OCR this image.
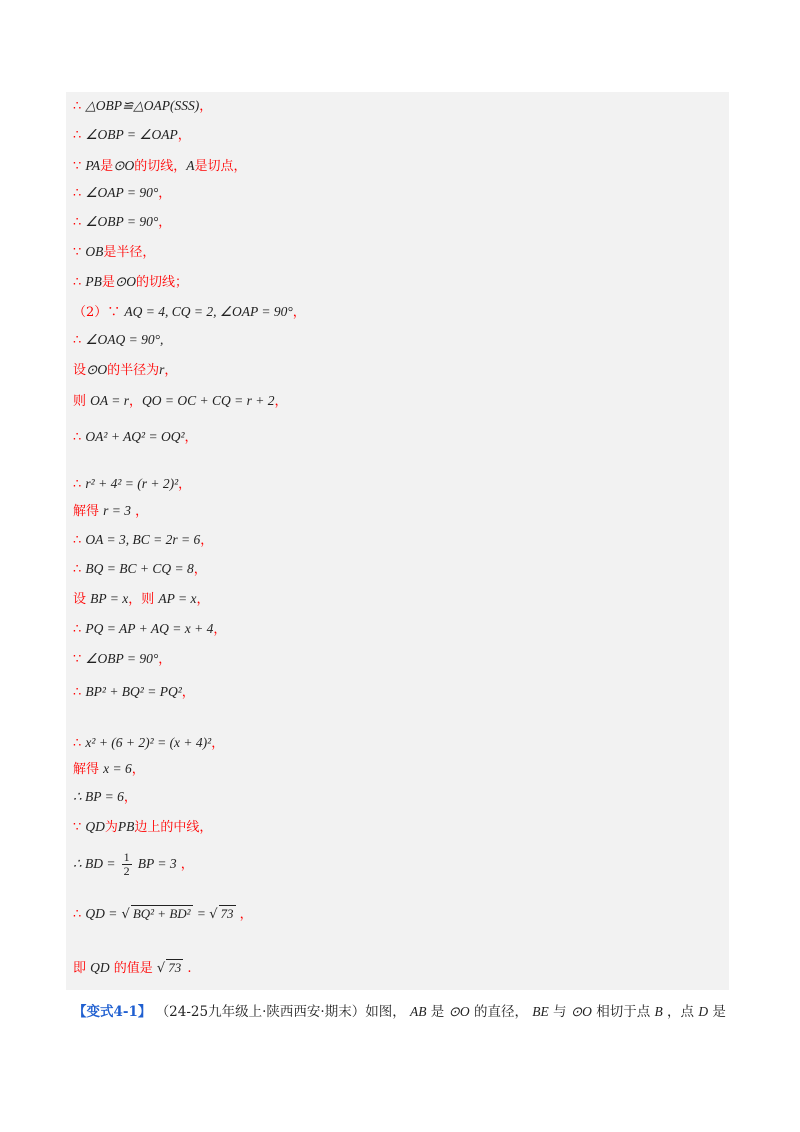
∴ △OBP≌△OAP(SSS)，
∴ ∠OBP = ∠OAP，
∵ PA是⊙O的切线，A是切点，
∴ ∠OAP = 90°，
∴ ∠OBP = 90°，
∵ OB是半径，
∴ PB是⊙O的切线；
（2）∵ AQ = 4, CQ = 2, ∠OAP = 90°，
∴ ∠OAQ = 90°,
设⊙O的半径为r，
则 OA = r，QO = OC + CQ = r + 2，
∴ OA² + AQ² = OQ²，
∴ r² + 4² = (r + 2)²，
解得 r = 3 ，
∴ OA = 3, BC = 2r = 6，
∴ BQ = BC + CQ = 8，
设 BP = x，则 AP = x，
∴ PQ = AP + AQ = x + 4，
∵ ∠OBP = 90°，
∴ BP² + BQ² = PQ²，
∴ x² + (6 + 2)² = (x + 4)²，
解得 x = 6，
∴ BP = 6，
∵ QD为PB边上的中线，
∴ BD = $\frac{1}{2}$ BP = 3 ，
∴ QD = √ BQ² + BD² = √ 73 ，
即 QD 的值是 √ 73 .
【变式4-1】 （24-25九年级上·陕西西安·期末）如图， AB 是 ⊙O 的直径， BE 与 ⊙O 相切于点 B ，点 D 是
